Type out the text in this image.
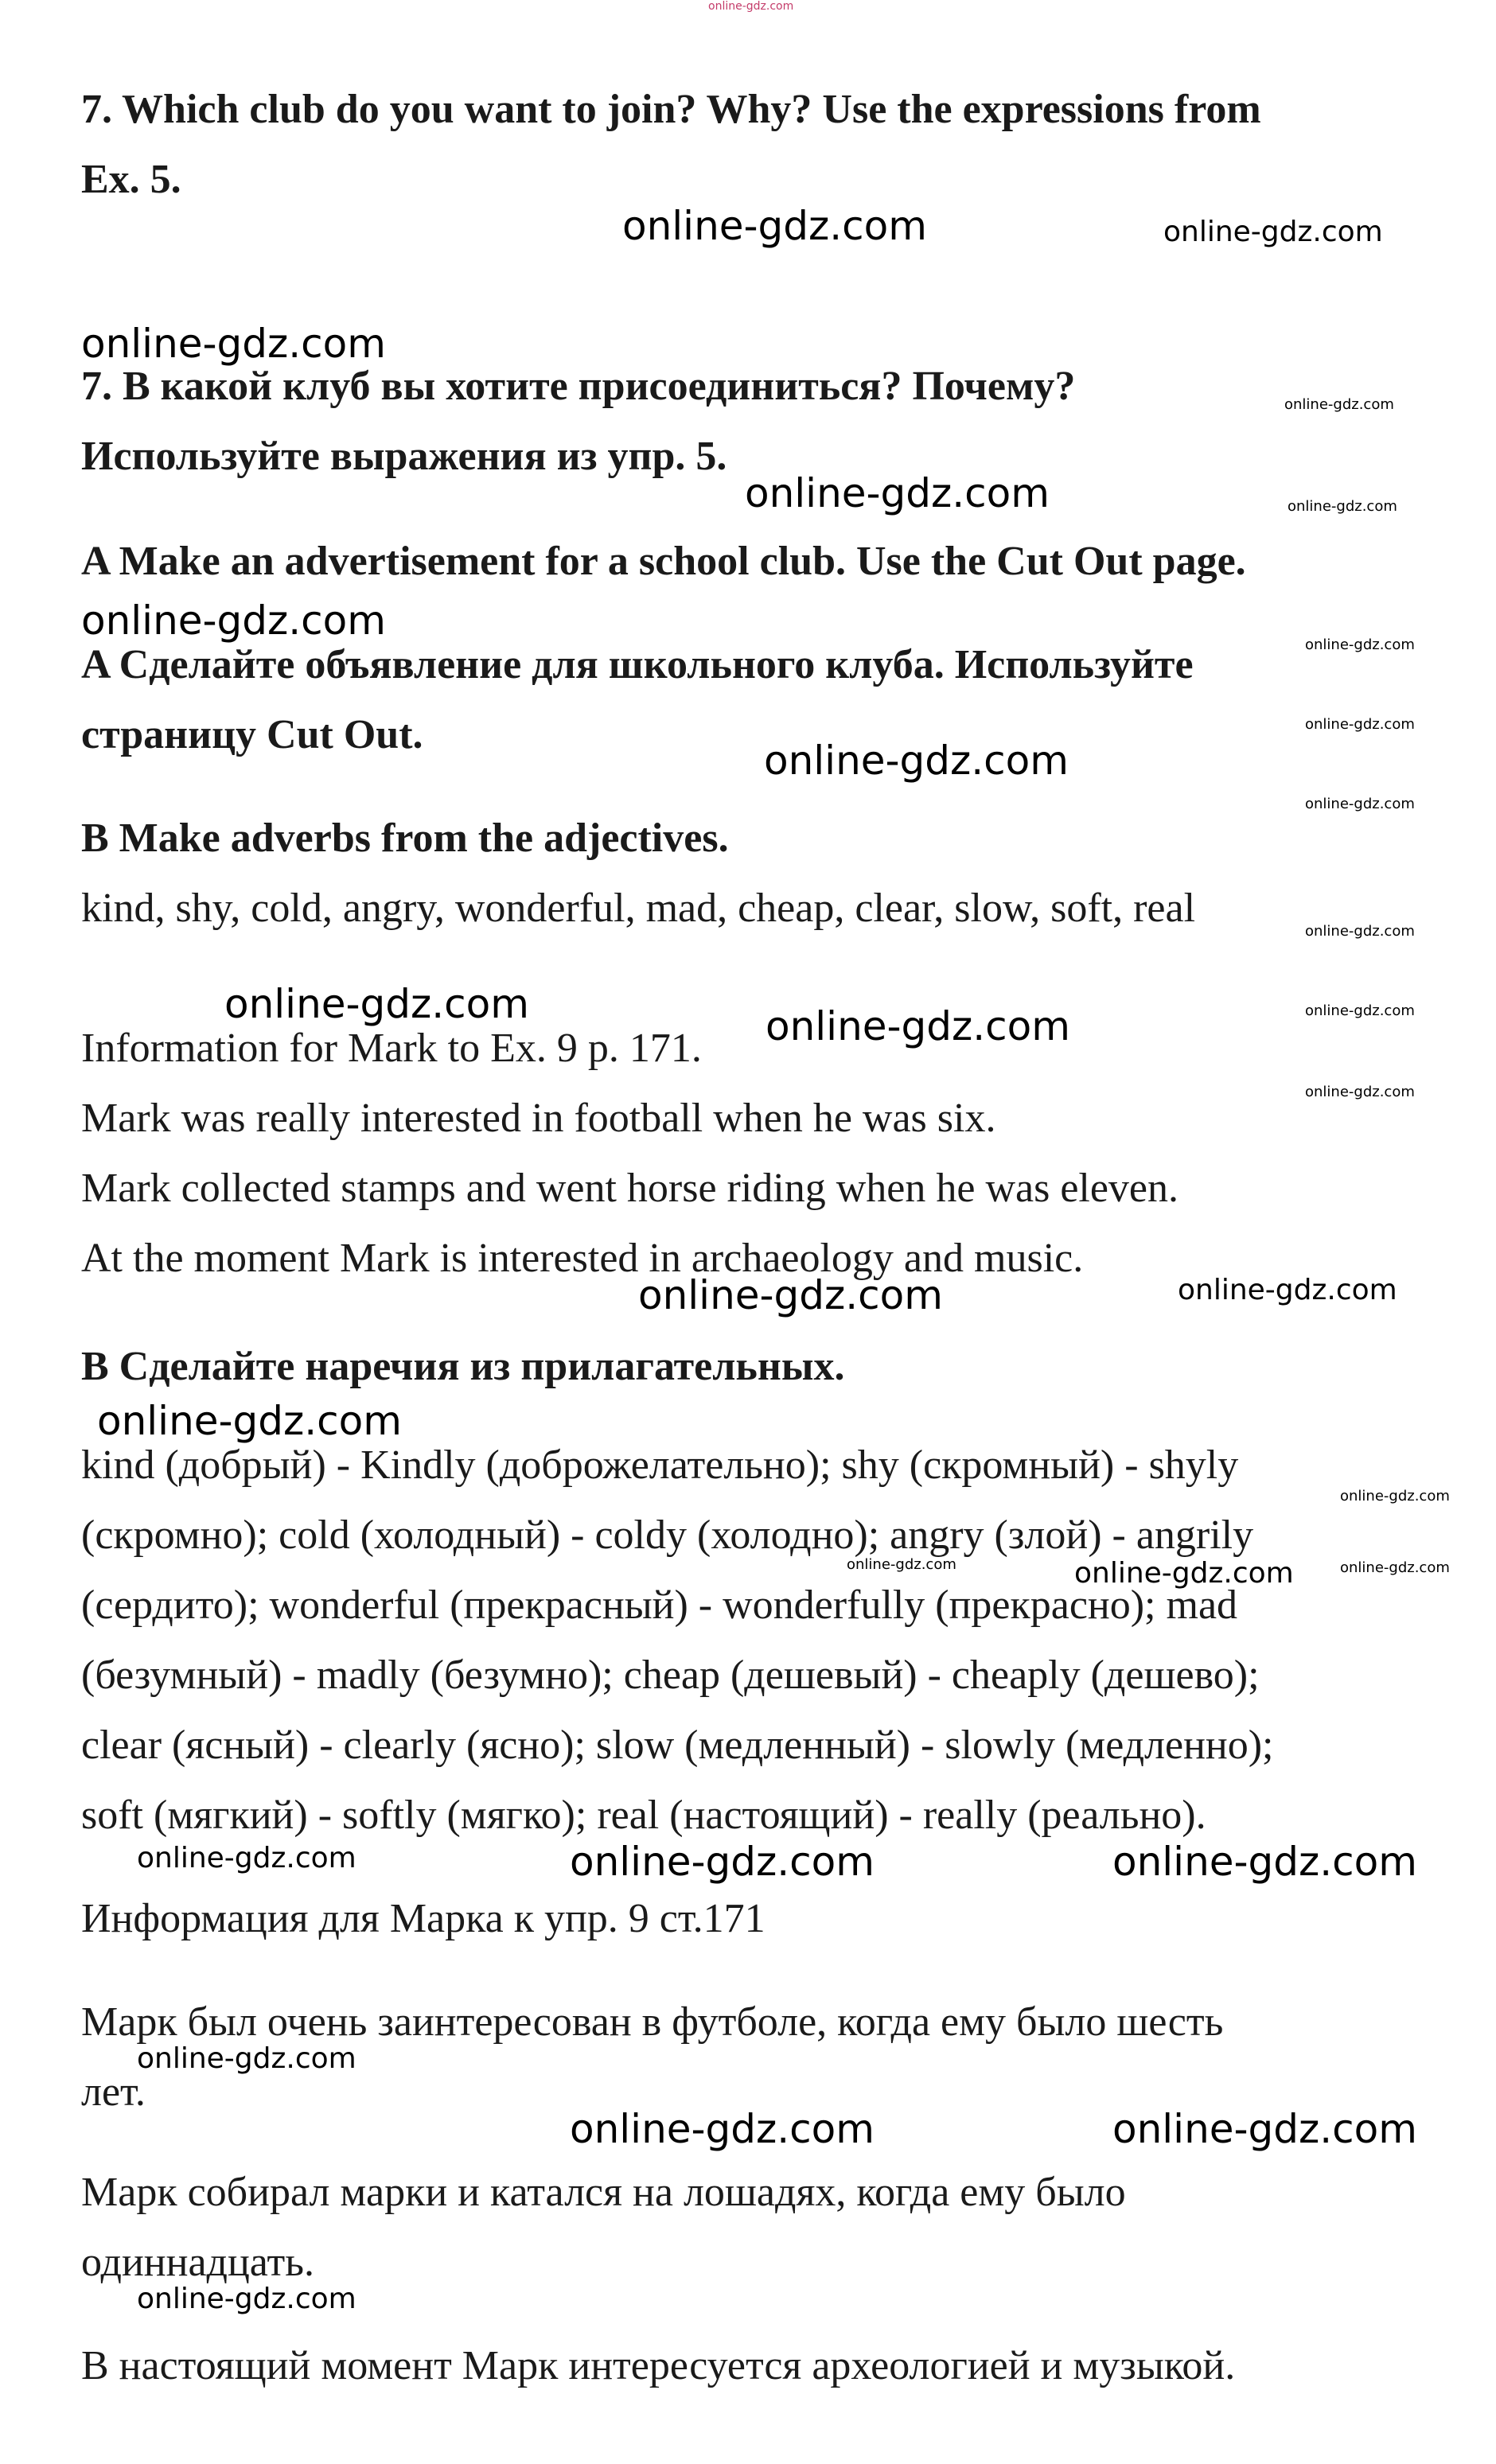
online-gdz.com
7. Which club do you want to join? Why? Use the expressions from
Ex. 5.
7. В какой клуб вы хотите присоединиться? Почему?
Используйте выражения из упр. 5.
A Make an advertisement for a school club. Use the Cut Out page.
A Сделайте объявление для школьного клуба. Используйте
страницу Cut Out.
B Make adverbs from the adjectives.
kind, shy, cold, angry, wonderful, mad, cheap, clear, slow, soft, real
Information for Mark to Ex. 9 p. 171.
Mark was really interested in football when he was six.
Mark collected stamps and went horse riding when he was eleven.
At the moment Mark is interested in archaeology and music.
B Сделайте наречия из прилагательных.
kind (добрый) - Kindly (доброжелательно); shy (скромный) - shyly
(скромно); cold (холодный) - coldy (холодно); angry (злой) - angrily
(сердито); wonderful (прекрасный) - wonderfully (прекрасно); mad
(безумный) - madly (безумно); cheap (дешевый) - cheaply (дешево);
clear (ясный) - clearly (ясно); slow (медленный) - slowly (медленно);
soft (мягкий) - softly (мягко); real (настоящий) - really (реально).
Информация для Марка к упр. 9 ст.171
Марк был очень заинтересован в футболе, когда ему было шесть
лет.
Марк собирал марки и катался на лошадях, когда ему было
одиннадцать.
В настоящий момент Марк интересуется археологией и музыкой.
online-gdz.com	online-gdz.com
online-gdz.com
online-gdz.com
online-gdz.com	online-gdz.com
online-gdz.com
online-gdz.com
online-gdz.com
online-gdz.com
online-gdz.com
online-gdz.com
online-gdz.com	online-gdz.com	online-gdz.com
online-gdz.com
online-gdz.com	online-gdz.com
online-gdz.com
online-gdz.com
online-gdz.com	online-gdz.com	online-gdz.com
online-gdz.com	online-gdz.com	online-gdz.com
online-gdz.com
online-gdz.com	online-gdz.com
online-gdz.com
